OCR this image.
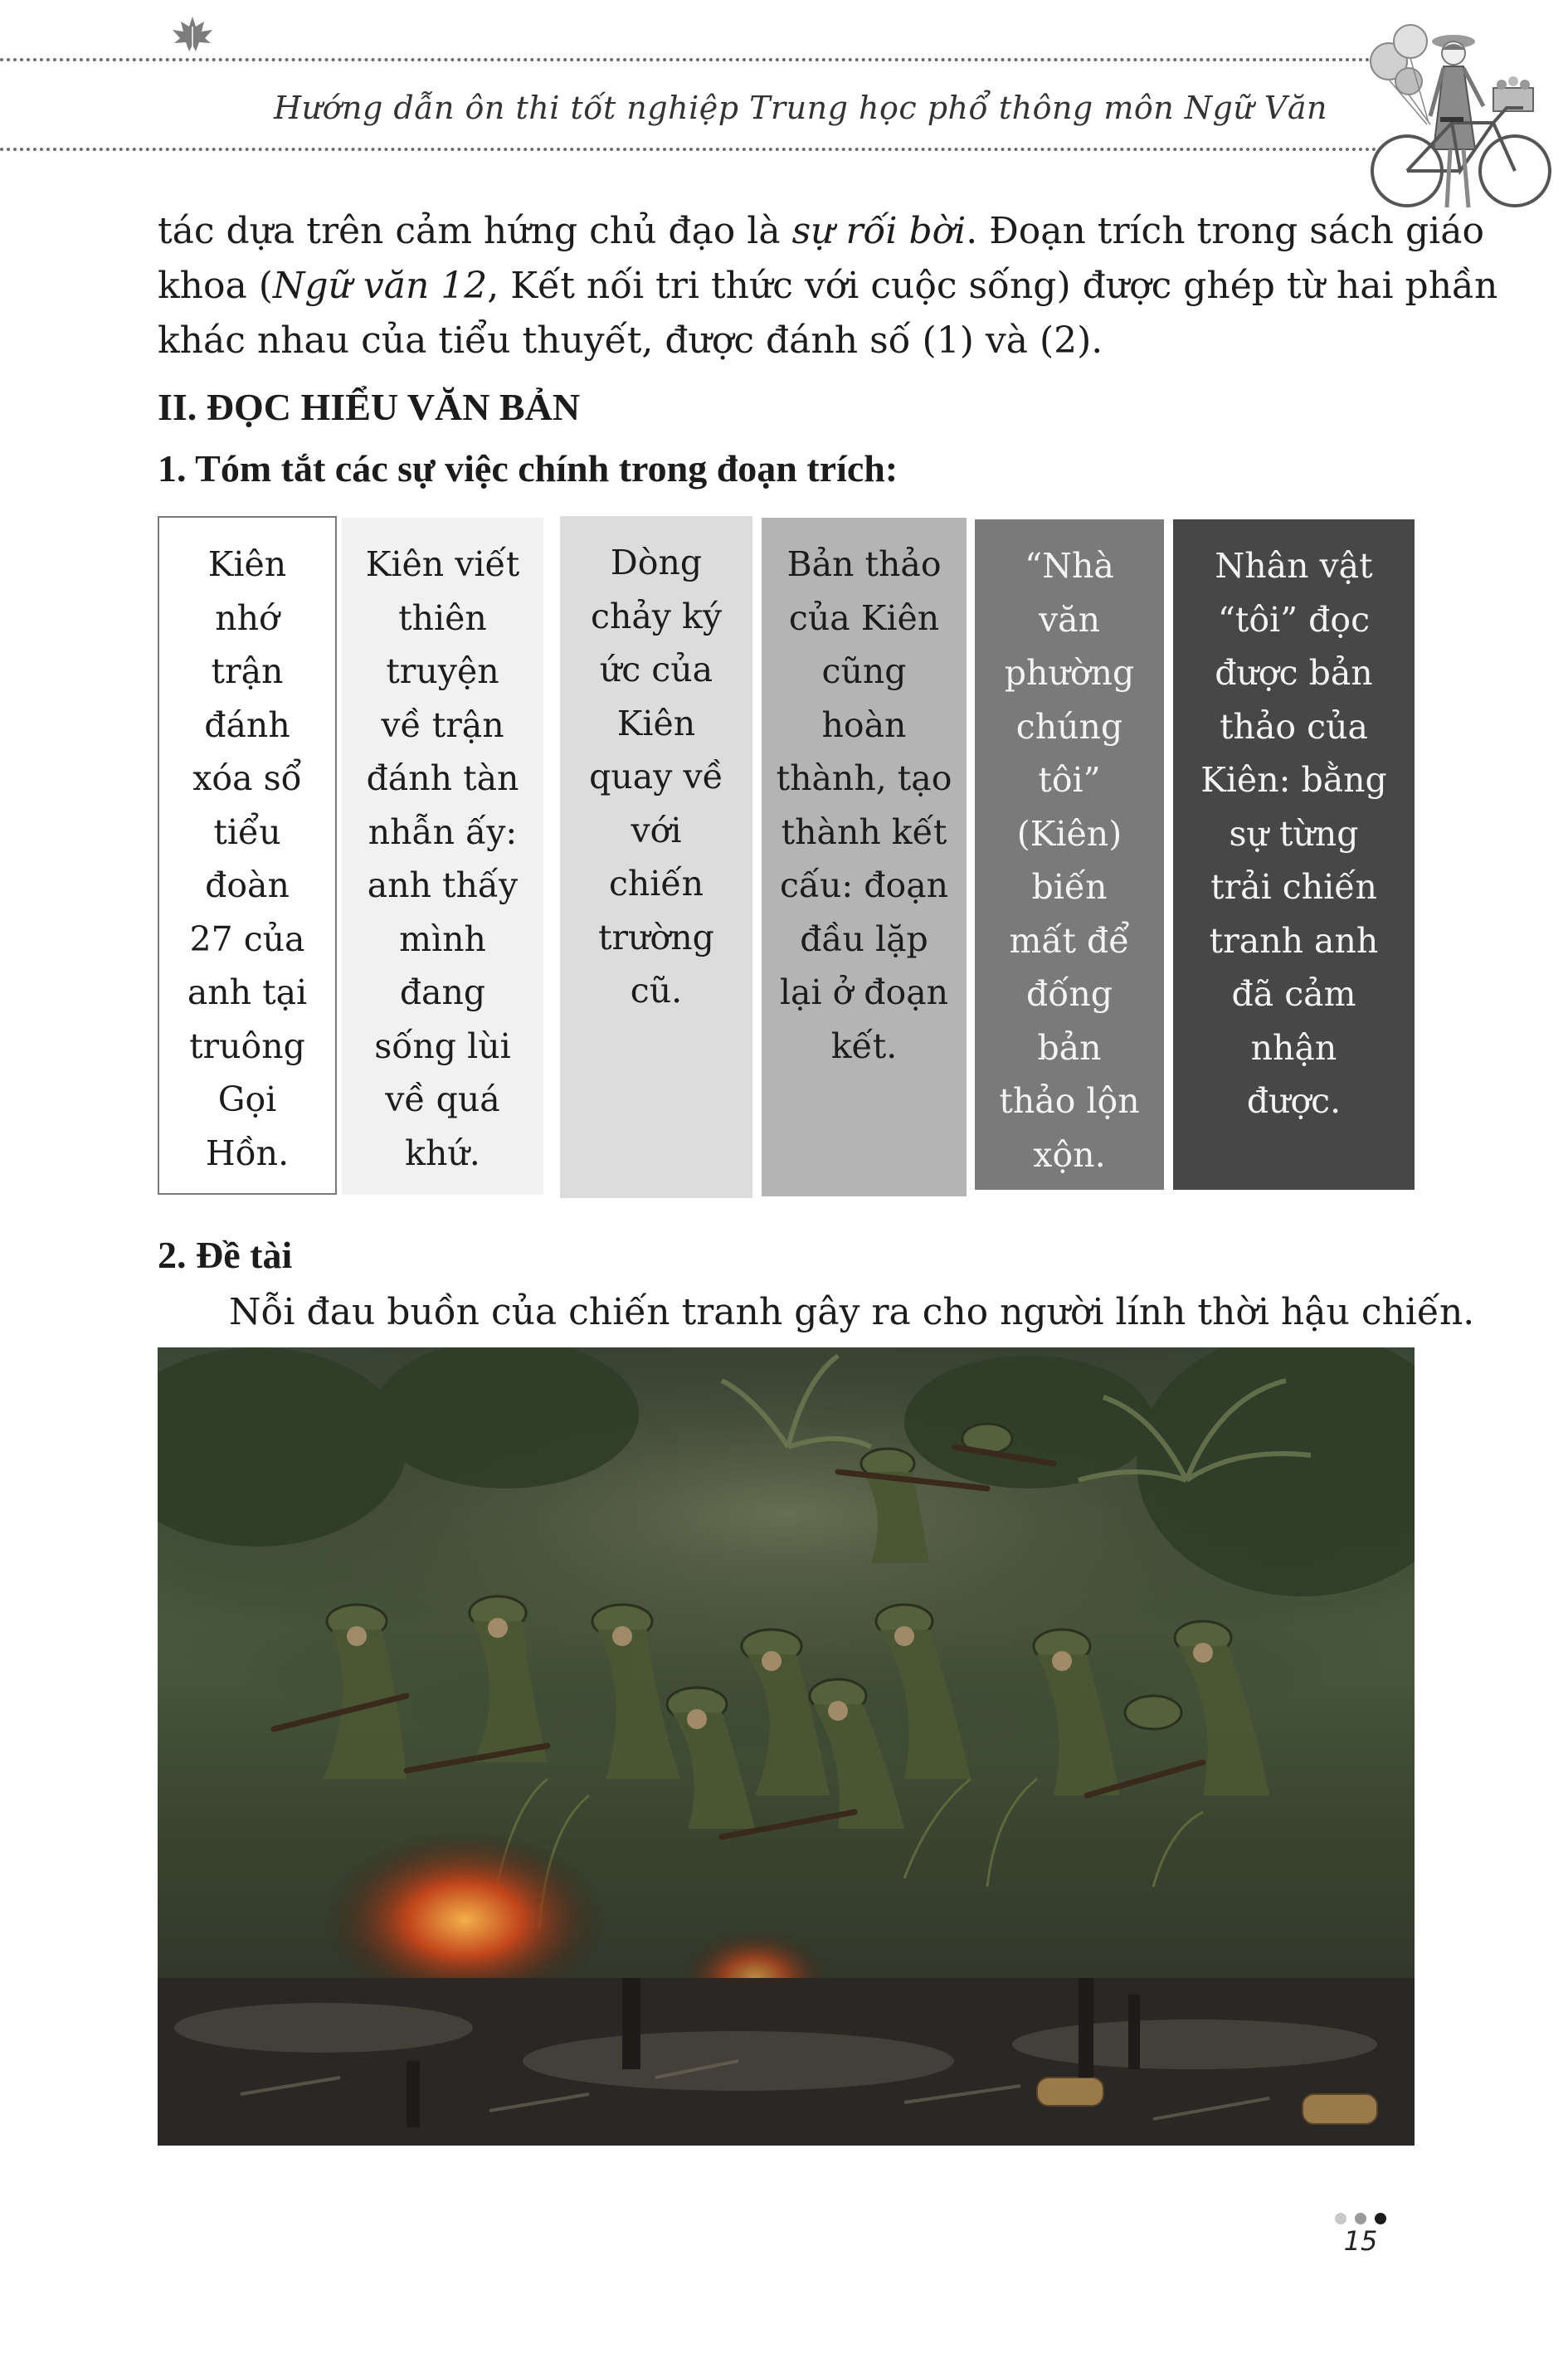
Hướng dẫn ôn thi tốt nghiệp Trung học phổ thông môn Ngữ Văn
tác dựa trên cảm hứng chủ đạo là sự rối bời. Đoạn trích trong sách giáo
khoa (Ngữ văn 12, Kết nối tri thức với cuộc sống) được ghép từ hai phần
khác nhau của tiểu thuyết, được đánh số (1) và (2).
II. ĐỌC HIỂU VĂN BẢN
1. Tóm tắt các sự việc chính trong đoạn trích:
Kiên
nhớ
trận
đánh
xóa sổ
tiểu
đoàn
27 của
anh tại
truông
Gọi
Hồn.
Kiên viết
thiên
truyện
về trận
đánh tàn
nhẫn ấy:
anh thấy
mình
đang
sống lùi
về quá
khứ.
Dòng
chảy ký
ức của
Kiên
quay về
với
chiến
trường
cũ.
Bản thảo
của Kiên
cũng
hoàn
thành, tạo
thành kết
cấu: đoạn
đầu lặp
lại ở đoạn
kết.
“Nhà
văn
phường
chúng
tôi”
(Kiên)
biến
mất để
đống
bản
thảo lộn
xộn.
Nhân vật
“tôi” đọc
được bản
thảo của
Kiên: bằng
sự từng
trải chiến
tranh anh
đã cảm
nhận
được.
2. Đề tài
Nỗi đau buồn của chiến tranh gây ra cho người lính thời hậu chiến.
15
